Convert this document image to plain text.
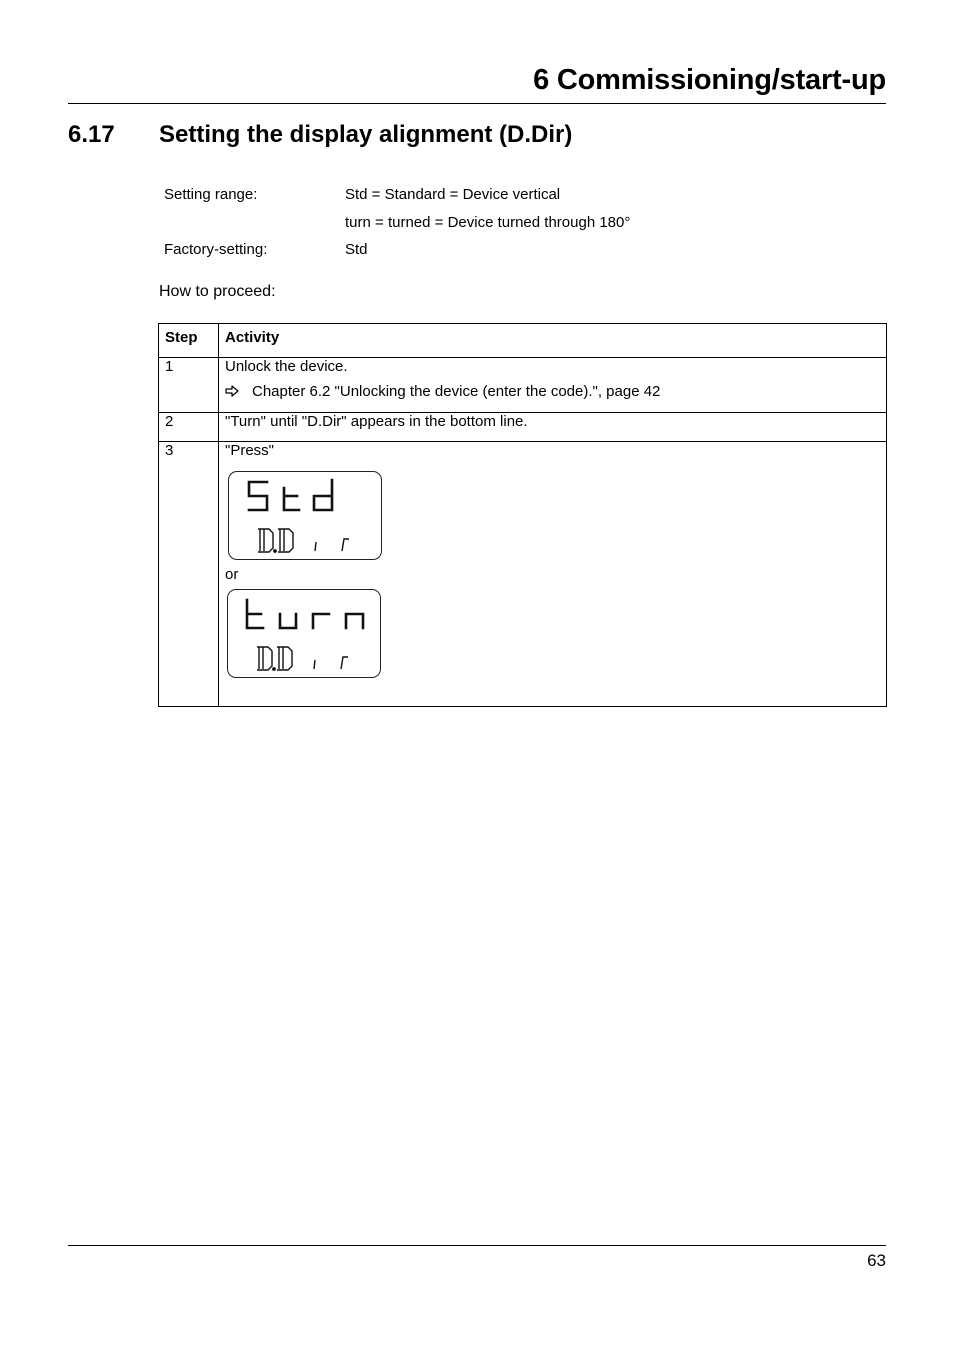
6 Commissioning/start-up
6.17 Setting the display alignment (D.Dir)
Setting range:	Std = Standard = Device vertical
turn = turned = Device turned through 180°
Factory-setting:	Std
How to proceed:
Step	Activity
1	Unlock the device.
Chapter 6.2 "Unlocking the device (enter the code).", page 42

2	"Turn" until "D.Dir" appears in the bottom line.
3	"Press"
or
63
